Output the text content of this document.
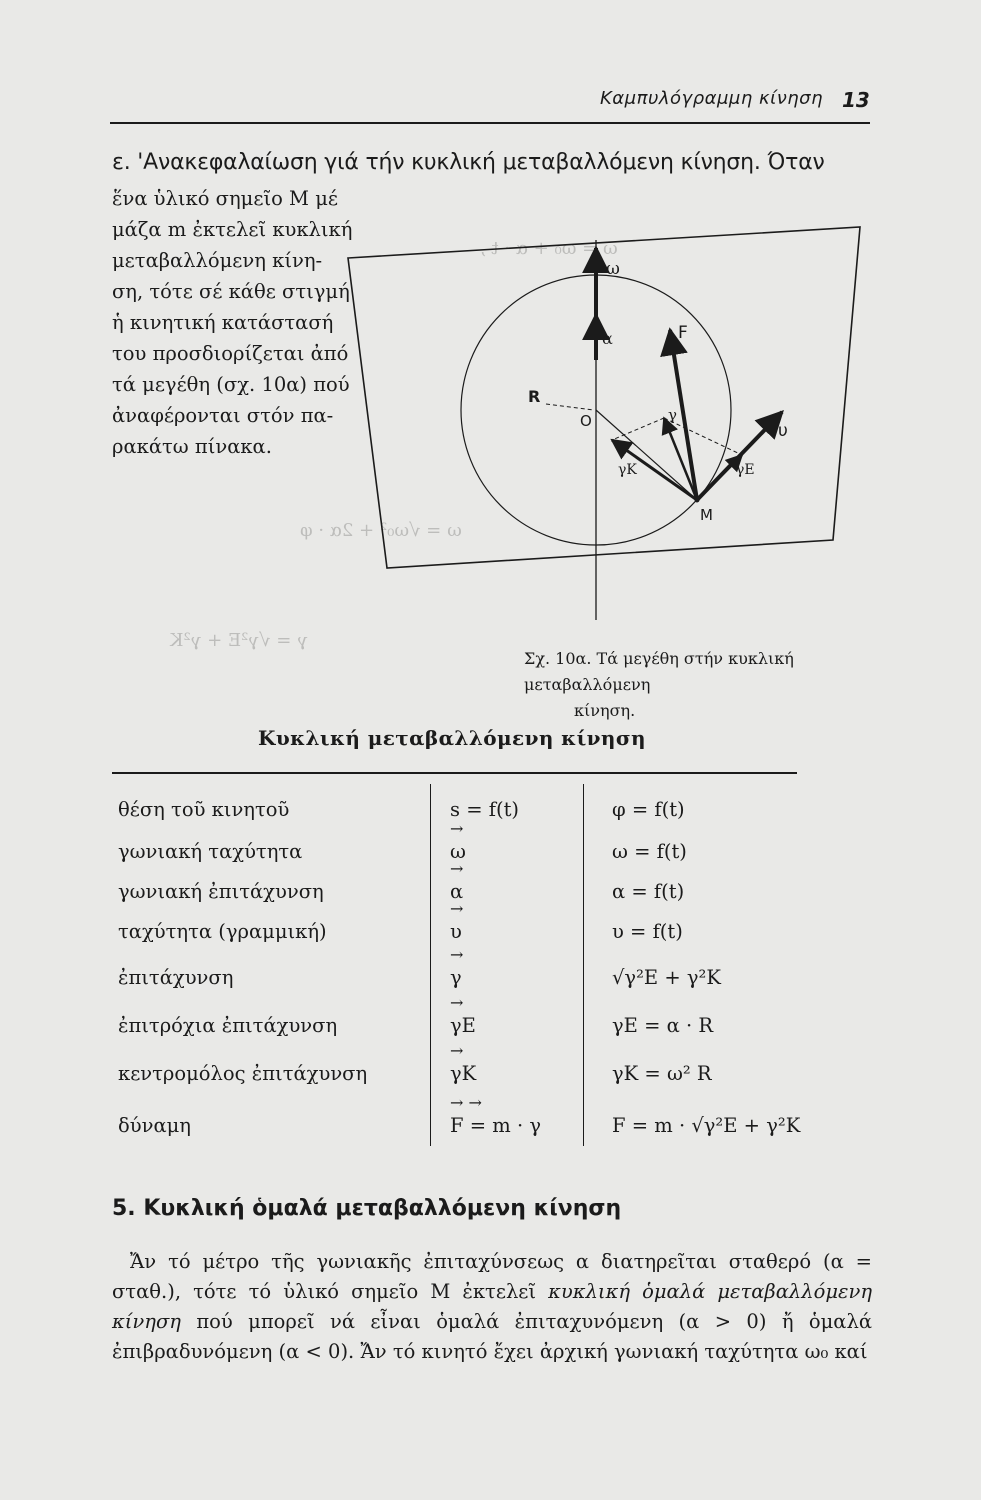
ω = ω₀ + α · t ,
ω = √ω₀² + 2α · φ
γ = √γ²E + γ²K
Καμπυλόγραμμη κίνηση 13
ε. 'Ανακεφαλαίωση γιά τήν κυκλική μεταβαλλόμενη κίνηση. Όταν
ἕνα ὑλικό σημεῖο Μ μέ
μάζα m ἐκτελεῖ κυκλική
μεταβαλλόμενη κίνη-
ση, τότε σέ κάθε στιγμή
ἡ κινητική κατάστασή
του προσδιορίζεται ἀπό
τά μεγέθη (σχ. 10α) πού
ἀναφέρονται στόν πα-
ρακάτω πίνακα.
ω
α	F
R
O	γ
υ
γK	γE
M
Σχ. 10α. Τά μεγέθη στήν κυκλική μεταβαλλόμενη
κίνηση.
Κυκλική μεταβαλλόμενη κίνηση
θέση τοῦ κινητοῦ	s = f(t)	φ = f(t)
→
γωνιακή ταχύτητα	ω	ω = f(t)
→
γωνιακή ἐπιτάχυνση	α	α = f(t)
→
ταχύτητα (γραμμική)	υ	υ = f(t)
→
ἐπιτάχυνση	γ	√γ²E + γ²K
→
ἐπιτρόχια ἐπιτάχυνση	γE	γE = α · R
→
κεντρομόλος ἐπιτάχυνση	γK	γK = ω² R
→ →
δύναμη	F = m · γ	F = m · √γ²E + γ²K
5. Κυκλική ὁμαλά μεταβαλλόμενη κίνηση
Ἄν τό μέτρο τῆς γωνιακῆς ἐπιταχύνσεως α διατηρεῖται σταθερό (α = σταθ.), τότε τό ὑλικό σημεῖο Μ ἐκτελεῖ κυκλική ὁμαλά μεταβαλλόμενη κίνηση πού μπορεῖ νά εἶναι ὁμαλά ἐπιταχυνόμενη (α > 0) ἤ ὁμαλά ἐπιβραδυνόμενη (α < 0). Ἄν τό κινητό ἔχει ἀρχική γωνιακή ταχύτητα ω₀ καί
